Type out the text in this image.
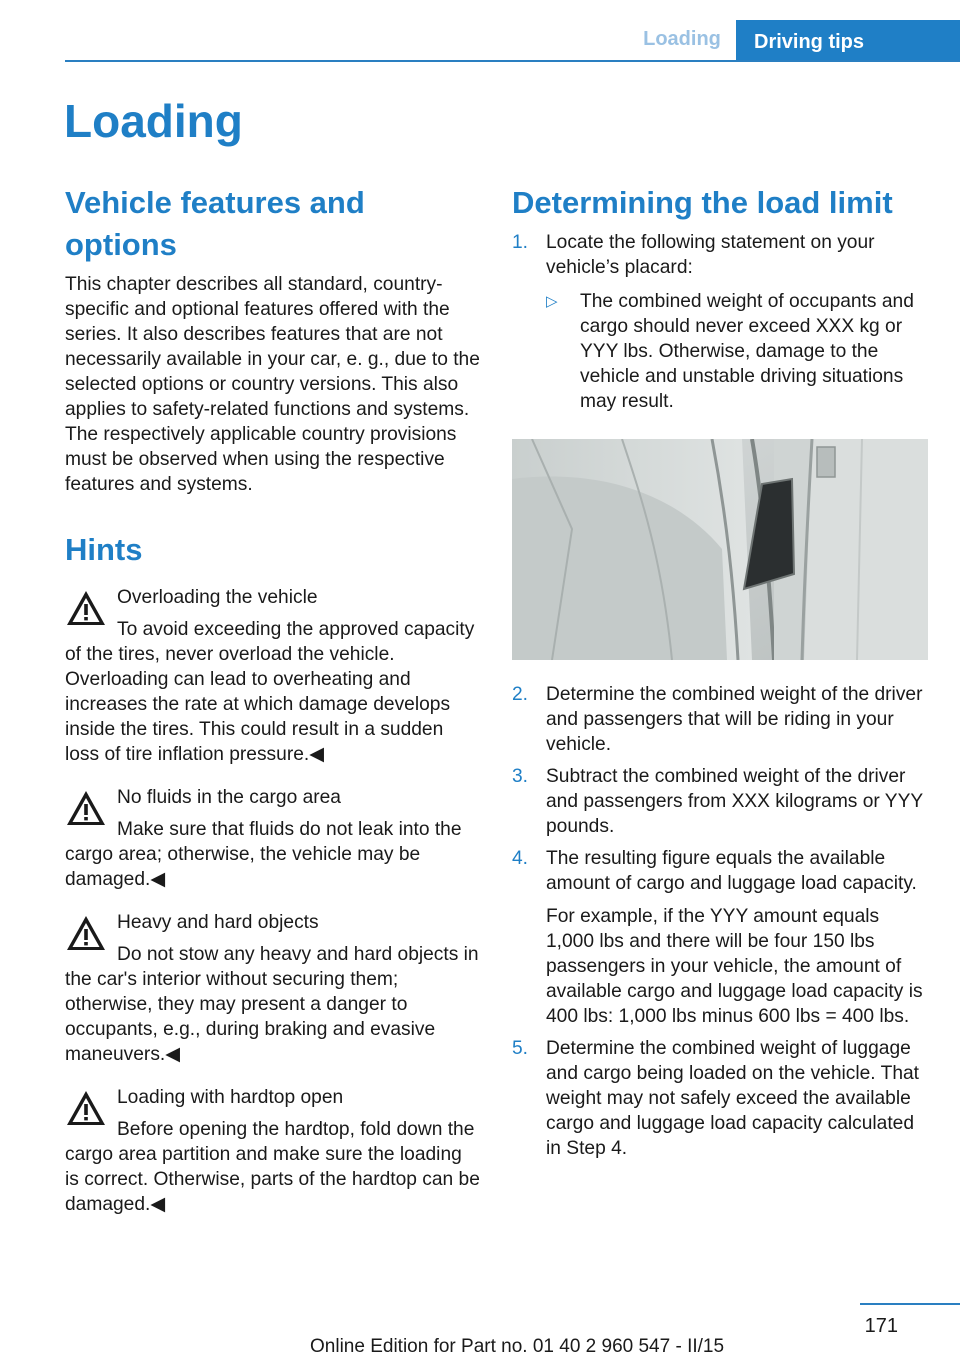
Loading	Driving tips
Loading
Vehicle features and options

This chapter describes all standard, country-specific and optional features offered with the series. It also describes features that are not necessarily available in your car, e. g., due to the selected options or country versions. This also applies to safety-related functions and systems. The respectively applicable country provisions must be observed when using the respective features and systems.

Hints

Overloading the vehicle

To avoid exceeding the approved capacity of the tires, never overload the vehicle. Overloading can lead to overheating and increases the rate at which damage develops inside the tires. This could result in a sudden loss of tire inflation pressure.◀

No fluids in the cargo area

Make sure that fluids do not leak into the cargo area; otherwise, the vehicle may be damaged.◀

Heavy and hard objects

Do not stow any heavy and hard objects in the car's interior without securing them; otherwise, they may present a danger to occupants, e.g., during braking and evasive maneuvers.◀

Loading with hardtop open

Before opening the hardtop, fold down the cargo area partition and make sure the loading is correct. Otherwise, parts of the hardtop can be damaged.◀

Determining the load limit
1. Locate the following statement on your vehicle’s placard:

▷ The combined weight of occupants and cargo should never exceed XXX kg or YYY lbs. Otherwise, damage to the vehicle and unstable driving situations may result.

2. Determine the combined weight of the driver and passengers that will be riding in your vehicle.

3. Subtract the combined weight of the driver and passengers from XXX kilograms or YYY pounds.

4. The resulting figure equals the available amount of cargo and luggage load capacity.

For example, if the YYY amount equals 1,000 lbs and there will be four 150 lbs passengers in your vehicle, the amount of available cargo and luggage load capacity is 400 lbs: 1,000 lbs minus 600 lbs = 400 lbs.

5. Determine the combined weight of luggage and cargo being loaded on the vehicle. That weight may not safely exceed the available cargo and luggage load capacity calculated in Step 4.

171
Online Edition for Part no. 01 40 2 960 547 - II/15
